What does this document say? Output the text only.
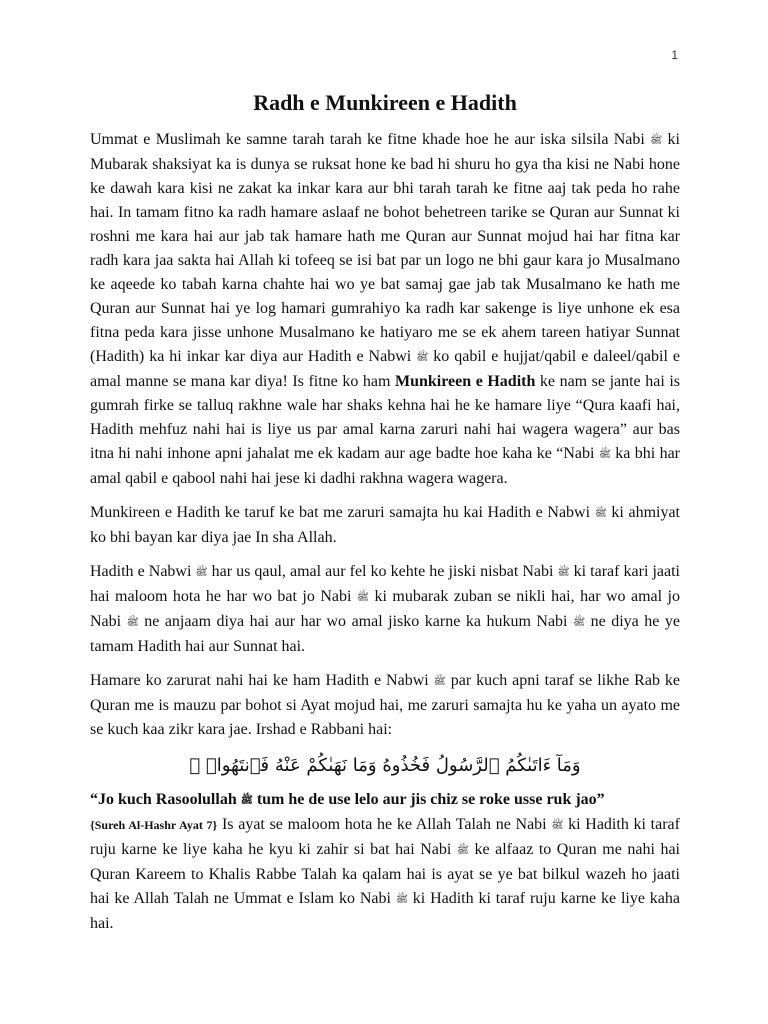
1
Radh e Munkireen e Hadith

Ummat e Muslimah ke samne tarah tarah ke fitne khade hoe he aur iska silsila Nabi ﷺ ki Mubarak shaksiyat ka is dunya se ruksat hone ke bad hi shuru ho gya tha kisi ne Nabi hone ke dawah kara kisi ne zakat ka inkar kara aur bhi tarah tarah ke fitne aaj tak peda ho rahe hai. In tamam fitno ka radh hamare aslaaf ne bohot behetreen tarike se Quran aur Sunnat ki roshni me kara hai aur jab tak hamare hath me Quran aur Sunnat mojud hai har fitna kar radh kara jaa sakta hai Allah ki tofeeq se isi bat par un logo ne bhi gaur kara jo Musalmano ke aqeede ko tabah karna chahte hai wo ye bat samaj gae jab tak Musalmano ke hath me Quran aur Sunnat hai ye log hamari gumrahiyo ka radh kar sakenge is liye unhone ek esa fitna peda kara jisse unhone Musalmano ke hatiyaro me se ek ahem tareen hatiyar Sunnat (Hadith) ka hi inkar kar diya aur Hadith e Nabwi ﷺ ko qabil e hujjat/qabil e daleel/qabil e amal manne se mana kar diya! Is fitne ko ham Munkireen e Hadith ke nam se jante hai is gumrah firke se talluq rakhne wale har shaks kehna hai he ke hamare liye “Qura kaafi hai, Hadith mehfuz nahi hai is liye us par amal karna zaruri nahi hai wagera wagera” aur bas itna hi nahi inhone apni jahalat me ek kadam aur age badte hoe kaha ke “Nabi ﷺ ka bhi har amal qabil e qabool nahi hai jese ki dadhi rakhna wagera wagera.

Munkireen e Hadith ke taruf ke bat me zaruri samajta hu kai Hadith e Nabwi ﷺ ki ahmiyat ko bhi bayan kar diya jae In sha Allah.

Hadith e Nabwi ﷺ har us qaul, amal aur fel ko kehte he jiski nisbat Nabi ﷺ ki taraf kari jaati hai maloom hota he har wo bat jo Nabi ﷺ ki mubarak zuban se nikli hai, har wo amal jo Nabi ﷺ ne anjaam diya hai aur har wo amal jisko karne ka hukum Nabi ﷺ ne diya he ye tamam Hadith hai aur Sunnat hai.

Hamare ko zarurat nahi hai ke ham Hadith e Nabwi ﷺ par kuch apni taraf se likhe Rab ke Quran me is mauzu par bohot si Ayat mojud hai, me zaruri samajta hu ke yaha un ayato me se kuch kaa zikr kara jae. Irshad e Rabbani hai:

وَمَآ ءَاتَىٰكُمُ ٱلرَّسُولُ فَخُذُوهُ وَمَا نَهَىٰكُمْ عَنْهُ فَٱنتَهُوا۟ ۚ

“Jo kuch Rasoolullah ﷺ tum he de use lelo aur jis chiz se roke usse ruk jao”

{Sureh Al-Hashr Ayat 7} Is ayat se maloom hota he ke Allah Talah ne Nabi ﷺ ki Hadith ki taraf ruju karne ke liye kaha he kyu ki zahir si bat hai Nabi ﷺ ke alfaaz to Quran me nahi hai Quran Kareem to Khalis Rabbe Talah ka qalam hai is ayat se ye bat bilkul wazeh ho jaati hai ke Allah Talah ne Ummat e Islam ko Nabi ﷺ ki Hadith ki taraf ruju karne ke liye kaha hai.
